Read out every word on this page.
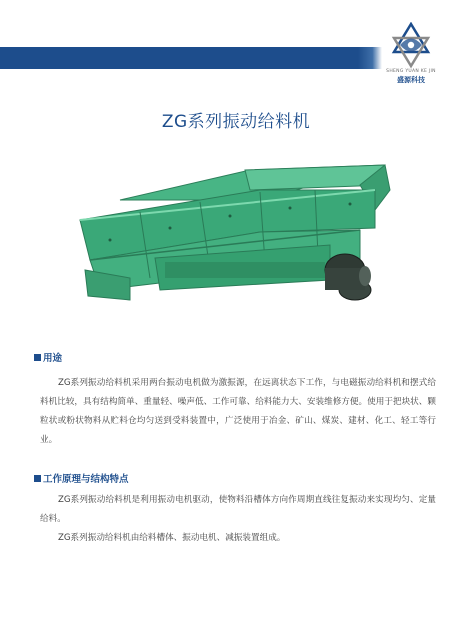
SHENG YUAN KE JIN
盛源科技
ZG系列振动给料机
用途

ZG系列振动给料机采用两台振动电机做为激振源，在远离状态下工作，与电磁振动给料机和摆式给料机比较，具有结构简单、重量轻、噪声低、工作可靠、给料能力大、安装维修方便。使用于把块状、颗粒状或粉状物料从贮料仓均匀送到受料装置中，广泛使用于冶金、矿山、煤炭、建材、化工、轻工等行业。

工作原理与结构特点

ZG系列振动给料机是利用振动电机驱动，使物料沿槽体方向作周期直线往复振动来实现均匀、定量给料。

ZG系列振动给料机由给料槽体、振动电机、减振装置组成。
